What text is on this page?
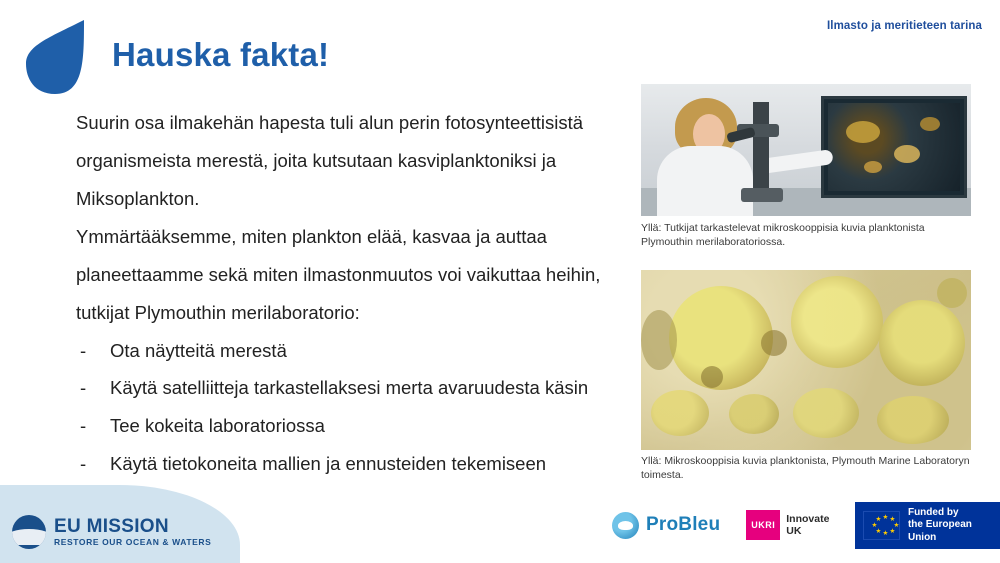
Ilmasto ja meritieteen tarina
Hauska fakta!

Suurin osa ilmakehän hapesta tuli alun perin fotosynteettisistä organismeista merestä, joita kutsutaan kasviplanktoniksi ja Miksoplankton.

Ymmärtääksemme, miten plankton elää, kasvaa ja auttaa planeettaamme sekä miten ilmastonmuutos voi vaikuttaa heihin, tutkijat Plymouthin merilaboratorio:

- Ota näytteitä merestä
- Käytä satelliitteja tarkastellaksesi merta avaruudesta käsin
- Tee kokeita laboratoriossa
- Käytä tietokoneita mallien ja ennusteiden tekemiseen
Yllä: Tutkijat tarkastelevat mikroskooppisia kuvia planktonista Plymouthin merilaboratoriossa.
Yllä: Mikroskooppisia kuvia planktonista, Plymouth Marine Laboratoryn toimesta.
EU MISSION
RESTORE OUR OCEAN & WATERS
ProBleu	UKRI Innovate
UK
★ ★
★
★
★
★
★
★
Funded by
the European Union
